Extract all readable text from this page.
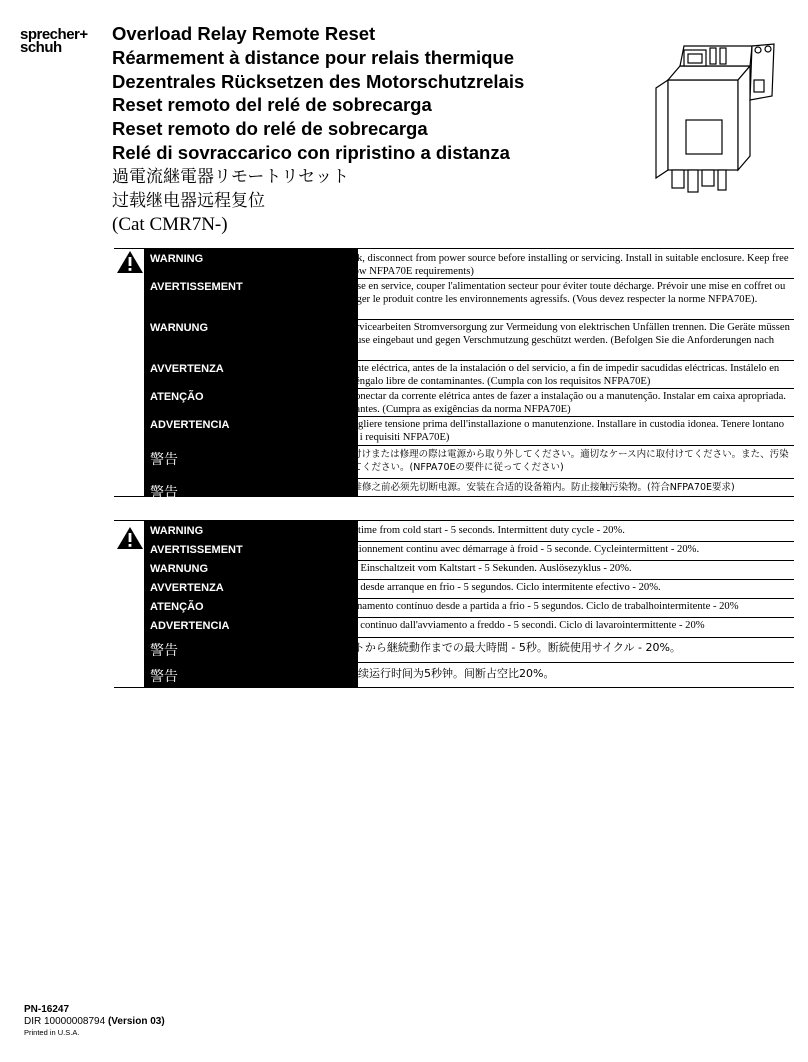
sprecher+
schuh
Overload Relay Remote Reset
Réarmement à distance pour relais thermique
Dezentrales Rücksetzen des Motorschutzrelais
Reset remoto del relé de sobrecarga
Reset remoto do relé de sobrecarga
Relé di sovraccarico con ripristino a distanza
過電流継電器リモートリセット
过载继电器远程复位
(Cat CMR7N-)
WARNING	To prevent electrical shock, disconnect from power source before installing or servicing. Install in suitable enclosure. Keep free from contaminants. (Follow NFPA70E requirements)
AVERTISSEMENT Avant le montage et la mise en service, couper l'alimentation secteur pour éviter toute décharge. Prévoir une mise en coffret ou armoire appropriée. Protéger le produit contre les environnements agressifs. (Vous devez respecter la norme NFPA70E).
WARNUNG	Vor Installations- oder Servicearbeiten Stromversorgung zur Vermeidung von elektrischen Unfällen trennen. Die Geräte müssen in einem passenden Gehäuse eingebaut und gegen Verschmutzung geschützt werden. (Befolgen Sie die Anforderungen nach NFPA70E).
AVVERTENZA Desconéctese de la corriente eléctrica, antes de la instalación o del servicio, a fin de impedir sacudidas eléctricas. Instálelo en una caja apropiada. Manténgalo libre de contaminantes. (Cumpla con los requisitos NFPA70E)
ATENÇÃO	Para evitar choques, desconectar da corrente elétrica antes de fazer a instalação ou a manutenção. Instalar em caixa apropriada. Manter livre de contaminantes. (Cumpra as exigências da norma NFPA70E)
ADVERTENCIA Per prevenire infortuni, togliere tensione prima dell'installazione o manutenzione. Installare in custodia idonea. Tenere lontano da contaminanti. (Seguire i requisiti NFPA70E)
警告	感電事故防止のため、取付けまたは修理の際は電源から取り外してください。適切なケース内に取付けてください。また、汚染物質がないことを確認してください。(NFPA70Eの要件に従ってください)
警告	为了防止触电，在安装或维修之前必须先切断电源。安装在合适的设备箱内。防止接触污染物。(符合NFPA70E要求)
WARNING	Maximum continuous on-time from cold start - 5 seconds. Intermittent duty cycle - 20%.
AVERTISSEMENT Temps maximum en fonctionnement continu avec démarrage à froid - 5 seconde. Cycleintermittent - 20%.
WARNUNG	Maximale kontinuierliche Einschaltzeit vom Kaltstart - 5 Sekunden. Auslösezyklus - 20%.
AVVERTENZA Tiempo continuo máximo desde arranque en frio - 5 segundos. Ciclo intermitente efectivo - 20%.
ATENÇÃO	Tempo máximo de funcionamento contínuo desde a partida a frio - 5 segundos. Ciclo de trabalhointermitente - 20%
ADVERTENCIA Tempo massimo di lavaro continuo dall'avviamento a freddo - 5 secondi. Ciclo di lavarointermittente - 20%
警告	注意: コールドスタートから継続動作までの最大時間 - 5秒。断続使用サイクル - 20%。
警告	注意：冷启动后最长连续运行时间为5秒钟。间断占空比20%。
PN-16247
DIR 10000008794 (Version 03)
Printed in U.S.A.
